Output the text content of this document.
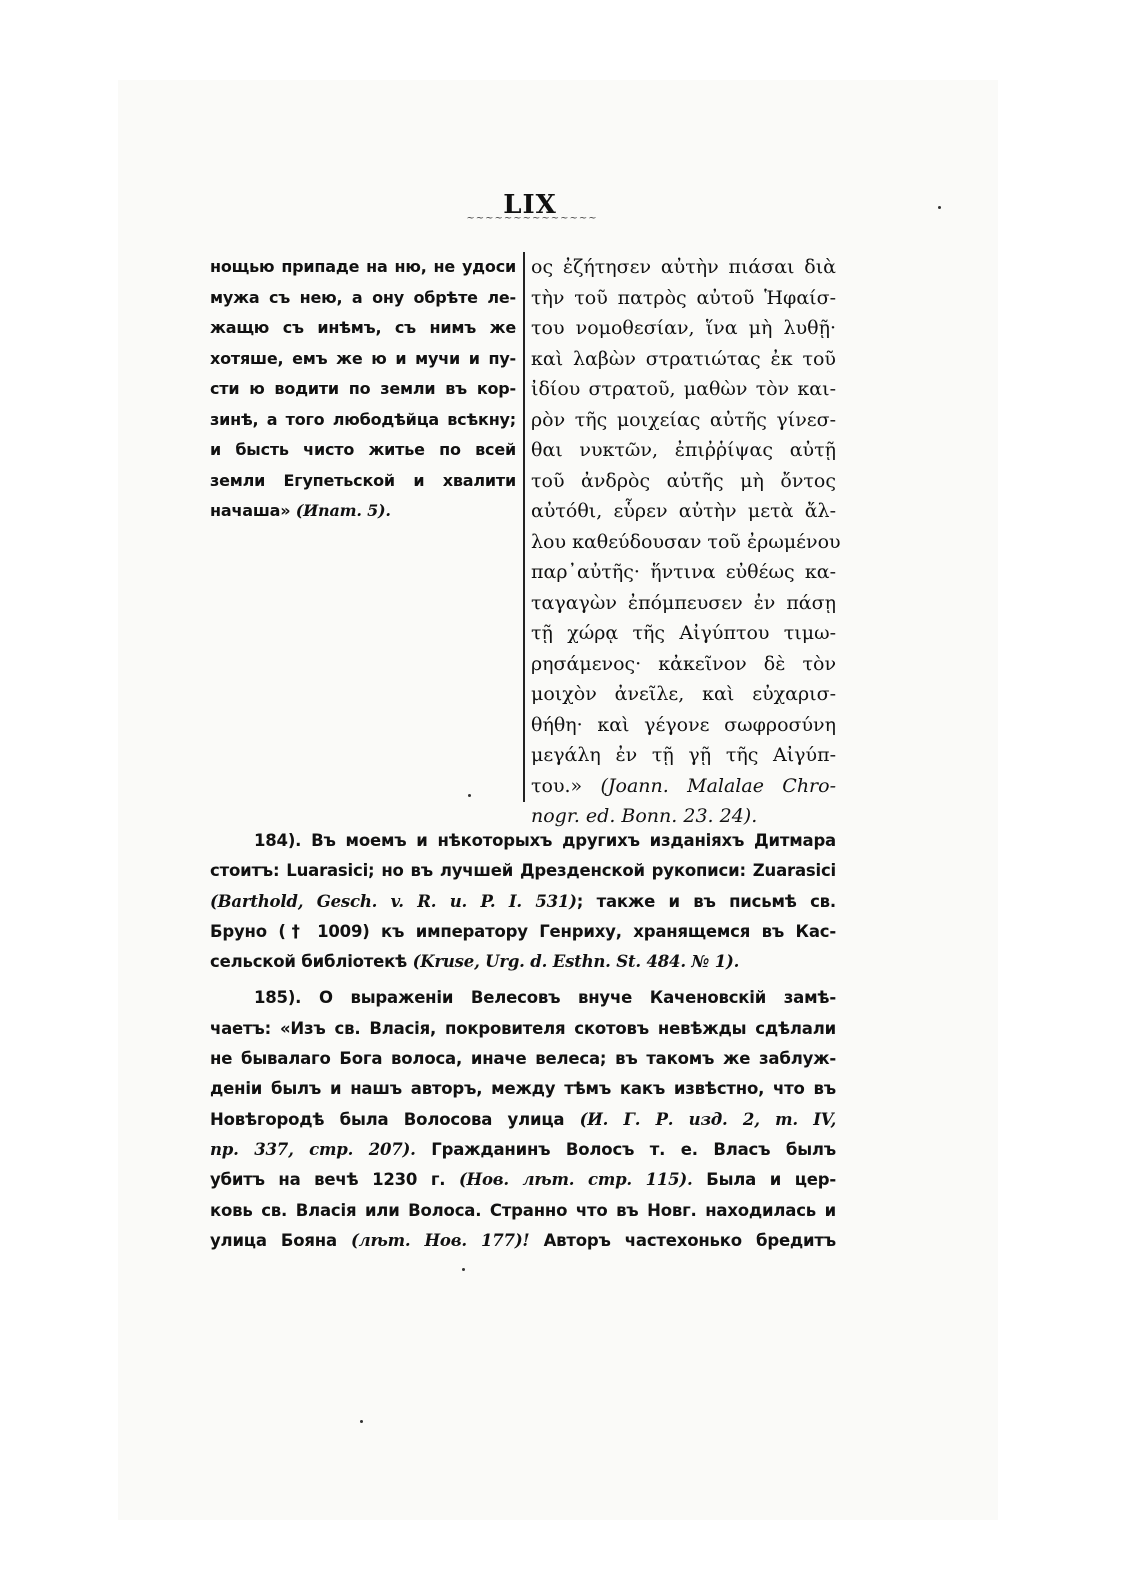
LIX
~~~~~~~~~~~~~~
нощью припаде на ню, не удоси
мужа съ нею, а ону обрѣте ле-
жащю съ инѣмъ, съ нимъ же
хотяше, емъ же ю и мучи и пу-
сти ю водити по земли въ кор-
зинѣ, а того любодѣйца всѣкну;
и бысть чисто житье по всей
земли Егупетьской и хвалити
начаша» (Ипат. 5).
ος ἐζήτησεν αὐτὴν πιάσαι διὰ
τὴν τοῦ πατρὸς αὐτοῦ Ἡφαίσ-
του νομοθεσίαν, ἵνα μὴ λυθῇ·
καὶ λαβὼν στρατιώτας ἐκ τοῦ
ἰδίου στρατοῦ, μαθὼν τὸν και-
ρὸν τῆς μοιχείας αὐτῆς γίνεσ-
θαι νυκτῶν, ἐπιῤῥίψας αὐτῇ
τοῦ ἀνδρὸς αὐτῆς μὴ ὄντος
αὐτόθι, εὗρεν αὐτὴν μετὰ ἄλ-
λου καθεύδουσαν τοῦ ἐρωμένου
παρ᾽αὐτῆς· ἥντινα εὐθέως κα-
ταγαγὼν ἐπόμπευσεν ἐν πάσῃ
τῇ χώρᾳ τῆς Αἰγύπτου τιμω-
ρησάμενος· κἀκεῖνον δὲ τὸν
μοιχὸν ἀνεῖλε, καὶ εὐχαρισ-
θήθη· καὶ γέγονε σωφροσύνη
μεγάλη ἐν τῇ γῇ τῆς Αἰγύπ-
του.» (Joann. Malalae Chro-
nogr. ed. Bonn. 23. 24).
184). Въ моемъ и нѣкоторыхъ другихъ изданіяхъ Дитмара
стоитъ: Luarasici; но въ лучшей Дрезденской рукописи: Zuarasici
(Barthold, Gesch. v. R. u. P. I. 531); также и въ письмѣ св.
Бруно († 1009) къ императору Генриху, хранящемся въ Кас-
сельской библіотекѣ (Kruse, Urg. d. Esthn. St. 484. № 1).
185). О выраженіи Велесовъ внуче Каченовскій замѣ-
чаетъ: «Изъ св. Власія, покровителя скотовъ невѣжды сдѣлали
не бывалаго Бога волоса, иначе велеса; въ такомъ же заблуж-
деніи былъ и нашъ авторъ, между тѣмъ какъ извѣстно, что въ
Новѣгородѣ была Волосова улица (И. Г. Р. изд. 2, т. IV,
пр. 337, стр. 207). Гражданинъ Волосъ т. е. Власъ былъ
убитъ на вечѣ 1230 г. (Нов. лѣт. стр. 115). Была и цер-
ковь св. Власія или Волоса. Странно что въ Новг. находилась и
улица Бояна (лѣт. Нов. 177)! Авторъ частехонько бредитъ
